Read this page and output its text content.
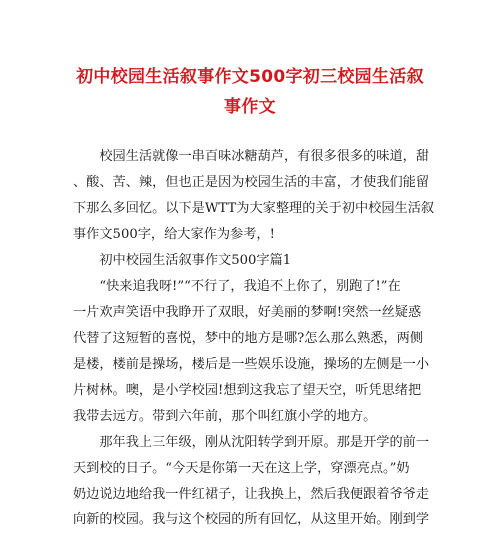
初中校园生活叙事作文500字初三校园生活叙
事作文
　　校园生活就像一串百味冰糖葫芦，有很多很多的味道，甜
、酸、苦、辣，但也正是因为校园生活的丰富，才使我们能留
下那么多回忆。以下是WTT为大家整理的关于初中校园生活叙
事作文500字，给大家作为参考，!
　　初中校园生活叙事作文500字篇1
　　“快来追我呀!”“不行了，我追不上你了，别跑了!”在
一片欢声笑语中我睁开了双眼，好美丽的梦啊!突然一丝疑惑
代替了这短暂的喜悦，梦中的地方是哪?怎么那么熟悉，两侧
是楼，楼前是操场，楼后是一些娱乐设施，操场的左侧是一小
片树林。噢，是小学校园!想到这我忘了望天空，听凭思绪把
我带去远方。带到六年前，那个叫红旗小学的地方。
　　那年我上三年级，刚从沈阳转学到开原。那是开学的前一
天到校的日子。“今天是你第一天在这上学，穿漂亮点。”奶
奶边说边地给我一件红裙子，让我换上，然后我便跟着爷爷走
向新的校园。我与这个校园的所有回忆，从这里开始。刚到学
